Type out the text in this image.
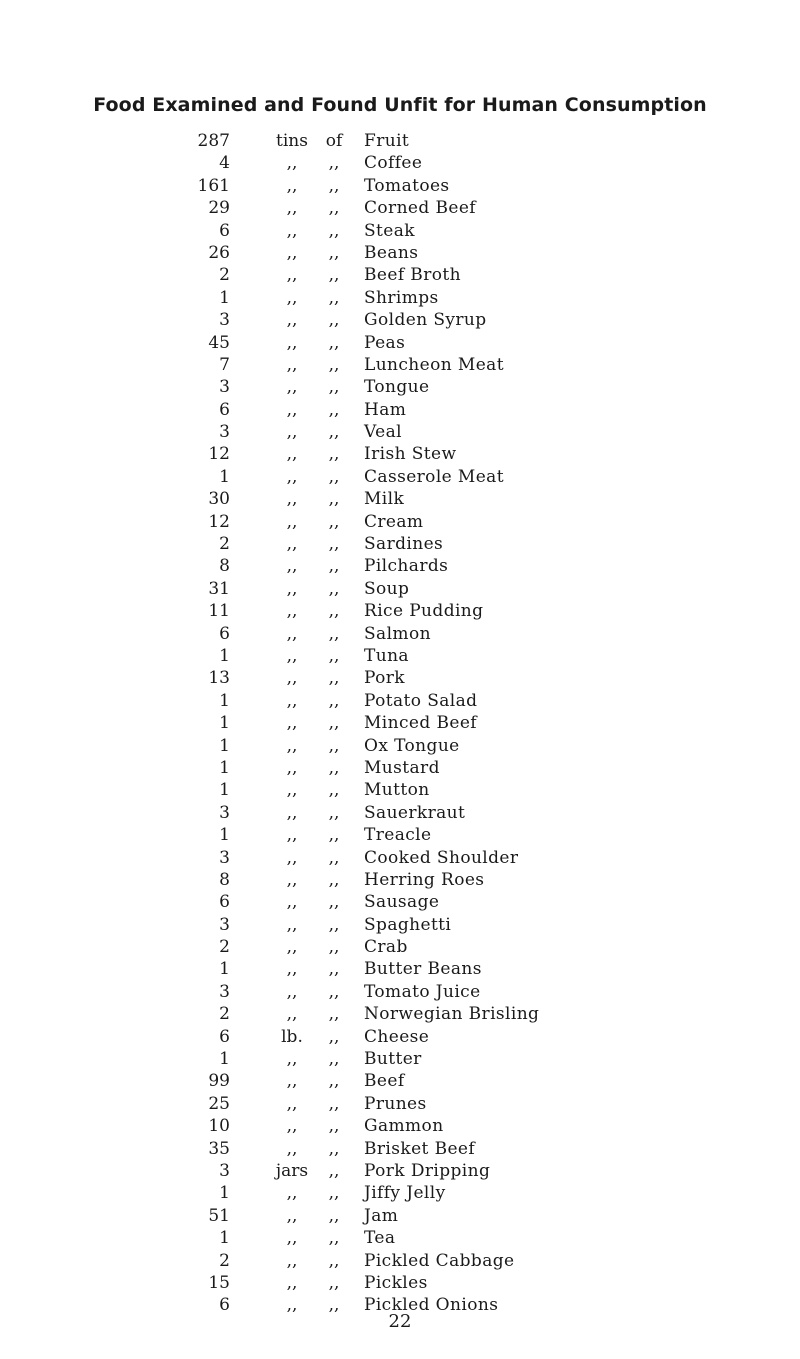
Food Examined and Found Unfit for Human Consumption
287	tins	of	Fruit
4	,,	,,	Coffee
161	,,	,,	Tomatoes
29	,,	,,	Corned Beef
6	,,	,,	Steak
26	,,	,,	Beans
2	,,	,,	Beef Broth
1	,,	,,	Shrimps
3	,,	,,	Golden Syrup
45	,,	,,	Peas
7	,,	,,	Luncheon Meat
3	,,	,,	Tongue
6	,,	,,	Ham
3	,,	,,	Veal
12	,,	,,	Irish Stew
1	,,	,,	Casserole Meat
30	,,	,,	Milk
12	,,	,,	Cream
2	,,	,,	Sardines
8	,,	,,	Pilchards
31	,,	,,	Soup
11	,,	,,	Rice Pudding
6	,,	,,	Salmon
1	,,	,,	Tuna
13	,,	,,	Pork
1	,,	,,	Potato Salad
1	,,	,,	Minced Beef
1	,,	,,	Ox Tongue
1	,,	,,	Mustard
1	,,	,,	Mutton
3	,,	,,	Sauerkraut
1	,,	,,	Treacle
3	,,	,,	Cooked Shoulder
8	,,	,,	Herring Roes
6	,,	,,	Sausage
3	,,	,,	Spaghetti
2	,,	,,	Crab
1	,,	,,	Butter Beans
3	,,	,,	Tomato Juice
2	,,	,,	Norwegian Brisling
6	lb.	,,	Cheese
1	,,	,,	Butter
99	,,	,,	Beef
25	,,	,,	Prunes
10	,,	,,	Gammon
35	,,	,,	Brisket Beef
3	jars	,,	Pork Dripping
1	,,	,,	Jiffy Jelly
51	,,	,,	Jam
1	,,	,,	Tea
2	,,	,,	Pickled Cabbage
15	,,	,,	Pickles
6	,,	,,	Pickled Onions
22
